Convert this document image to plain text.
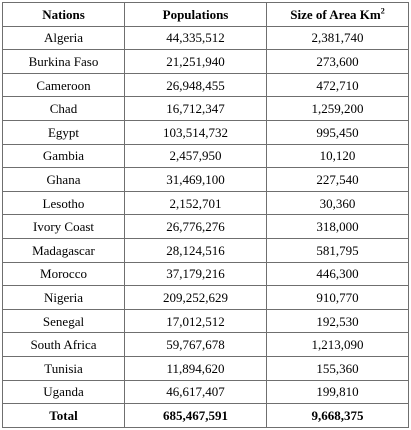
Nations	Populations	Size of Area Km$^2$
Algeria	44,335,512	2,381,740
Burkina Faso	21,251,940	273,600
Cameroon	26,948,455	472,710
Chad	16,712,347	1,259,200
Egypt	103,514,732	995,450
Gambia	2,457,950	10,120
Ghana	31,469,100	227,540
Lesotho	2,152,701	30,360
Ivory Coast	26,776,276	318,000
Madagascar	28,124,516	581,795
Morocco	37,179,216	446,300
Nigeria	209,252,629	910,770
Senegal	17,012,512	192,530
South Africa	59,767,678	1,213,090
Tunisia	11,894,620	155,360
Uganda	46,617,407	199,810
Total	685,467,591	9,668,375
